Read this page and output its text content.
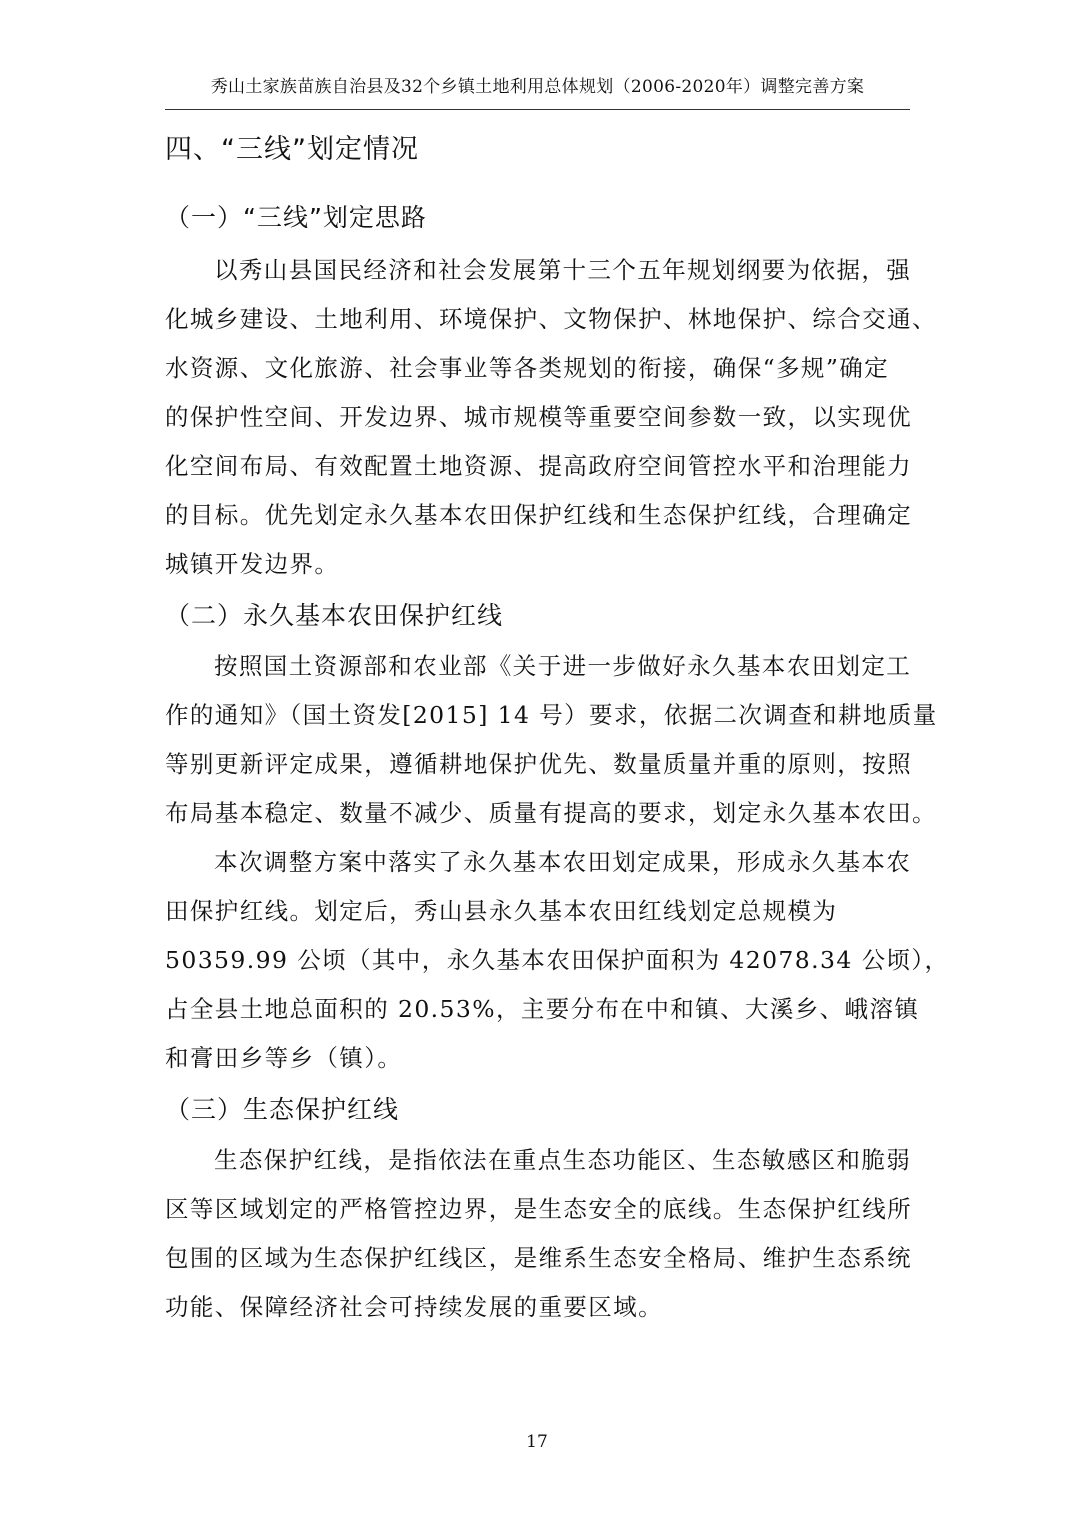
秀山土家族苗族自治县及32个乡镇土地利用总体规划（2006-2020年）调整完善方案
四、“三线”划定情况
（一）“三线”划定思路
以秀山县国民经济和社会发展第十三个五年规划纲要为依据，强
化城乡建设、土地利用、环境保护、文物保护、林地保护、综合交通、
水资源、文化旅游、社会事业等各类规划的衔接，确保“多规”确定
的保护性空间、开发边界、城市规模等重要空间参数一致，以实现优
化空间布局、有效配置土地资源、提高政府空间管控水平和治理能力
的目标。优先划定永久基本农田保护红线和生态保护红线，合理确定
城镇开发边界。
（二）永久基本农田保护红线
按照国土资源部和农业部《关于进一步做好永久基本农田划定工
作的通知》（国土资发[2015] 14 号）要求，依据二次调查和耕地质量
等别更新评定成果，遵循耕地保护优先、数量质量并重的原则，按照
布局基本稳定、数量不减少、质量有提高的要求，划定永久基本农田。
本次调整方案中落实了永久基本农田划定成果，形成永久基本农
田保护红线。划定后，秀山县永久基本农田红线划定总规模为
50359.99 公顷（其中，永久基本农田保护面积为 42078.34 公顷），
占全县土地总面积的 20.53%，主要分布在中和镇、大溪乡、峨溶镇
和膏田乡等乡（镇）。
（三）生态保护红线
生态保护红线，是指依法在重点生态功能区、生态敏感区和脆弱
区等区域划定的严格管控边界，是生态安全的底线。生态保护红线所
包围的区域为生态保护红线区，是维系生态安全格局、维护生态系统
功能、保障经济社会可持续发展的重要区域。
17
